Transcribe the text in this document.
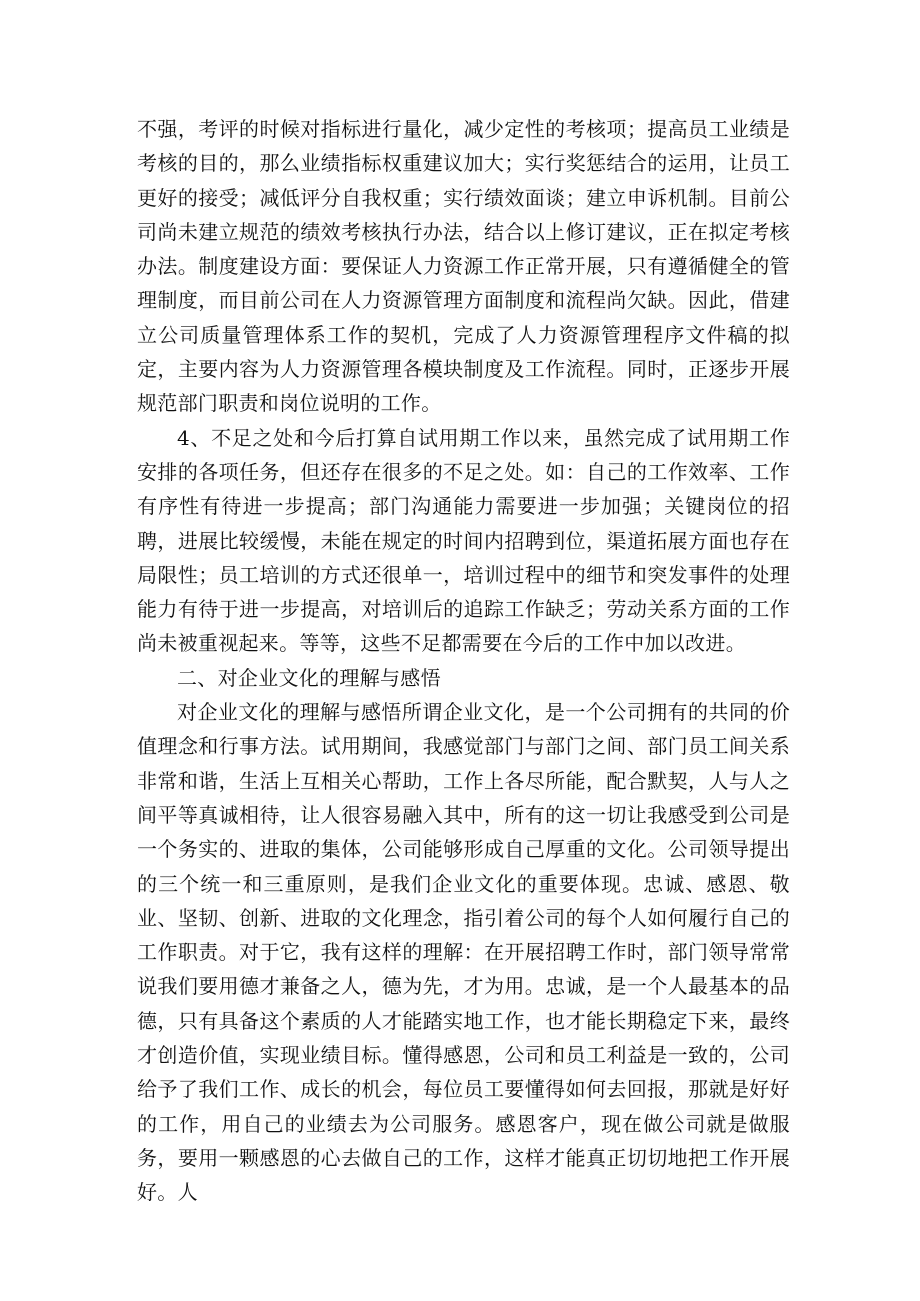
不强，考评的时候对指标进行量化，减少定性的考核项；提高员工业绩是考核的目的，那么业绩指标权重建议加大；实行奖惩结合的运用，让员工更好的接受；减低评分自我权重；实行绩效面谈；建立申诉机制。目前公司尚未建立规范的绩效考核执行办法，结合以上修订建议，正在拟定考核办法。制度建设方面：要保证人力资源工作正常开展，只有遵循健全的管理制度，而目前公司在人力资源管理方面制度和流程尚欠缺。因此，借建立公司质量管理体系工作的契机，完成了人力资源管理程序文件稿的拟定，主要内容为人力资源管理各模块制度及工作流程。同时，正逐步开展规范部门职责和岗位说明的工作。

4、不足之处和今后打算自试用期工作以来，虽然完成了试用期工作安排的各项任务，但还存在很多的不足之处。如：自己的工作效率、工作有序性有待进一步提高；部门沟通能力需要进一步加强；关键岗位的招聘，进展比较缓慢，未能在规定的时间内招聘到位，渠道拓展方面也存在局限性；员工培训的方式还很单一，培训过程中的细节和突发事件的处理能力有待于进一步提高，对培训后的追踪工作缺乏；劳动关系方面的工作尚未被重视起来。等等，这些不足都需要在今后的工作中加以改进。

二、对企业文化的理解与感悟

对企业文化的理解与感悟所谓企业文化，是一个公司拥有的共同的价值理念和行事方法。试用期间，我感觉部门与部门之间、部门员工间关系非常和谐，生活上互相关心帮助，工作上各尽所能，配合默契，人与人之间平等真诚相待，让人很容易融入其中，所有的这一切让我感受到公司是一个务实的、进取的集体，公司能够形成自己厚重的文化。公司领导提出的三个统一和三重原则，是我们企业文化的重要体现。忠诚、感恩、敬业、坚韧、创新、进取的文化理念，指引着公司的每个人如何履行自己的工作职责。对于它，我有这样的理解：在开展招聘工作时，部门领导常常说我们要用德才兼备之人，德为先，才为用。忠诚，是一个人最基本的品德，只有具备这个素质的人才能踏实地工作，也才能长期稳定下来，最终才创造价值，实现业绩目标。懂得感恩，公司和员工利益是一致的，公司给予了我们工作、成长的机会，每位员工要懂得如何去回报，那就是好好的工作，用自己的业绩去为公司服务。感恩客户，现在做公司就是做服务，要用一颗感恩的心去做自己的工作，这样才能真正切切地把工作开展好。人
